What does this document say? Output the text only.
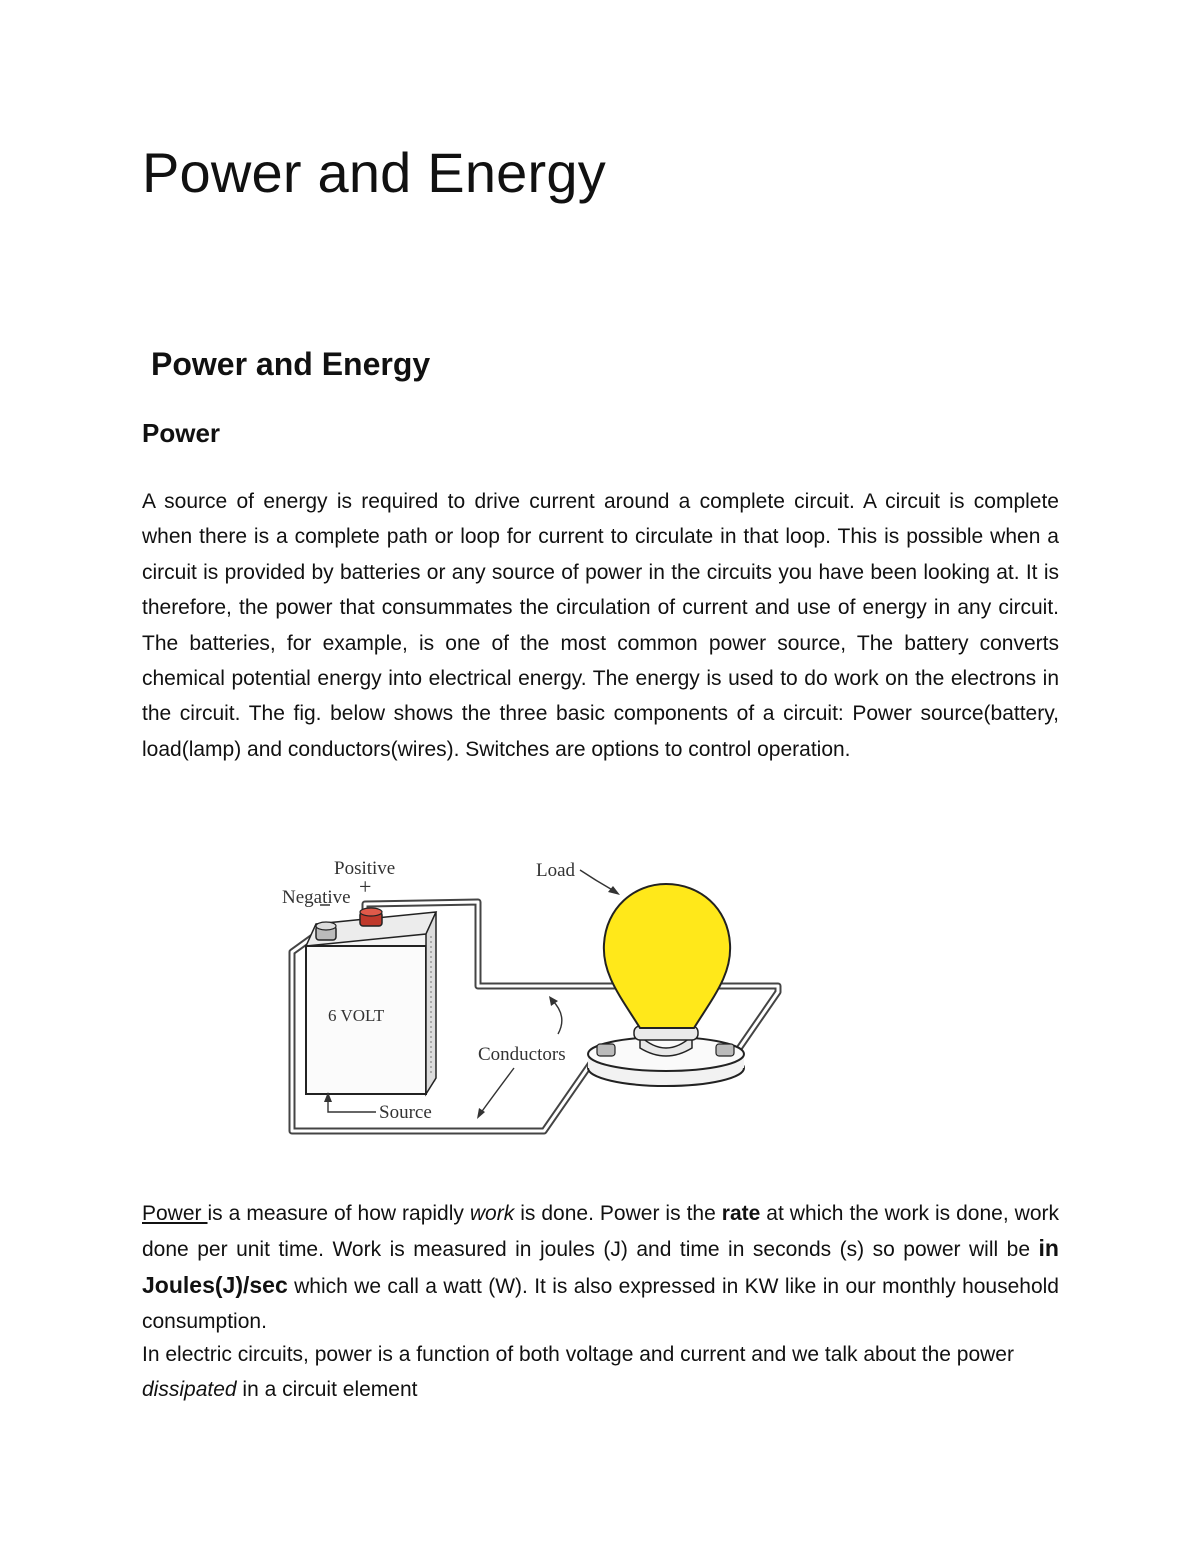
Power and Energy
Power and Energy
Power

A source of energy is required to drive current around a complete circuit. A circuit is complete when there is a complete path or loop for current to circulate in that loop. This is possible when a circuit is provided by batteries or any source of power in the circuits you have been looking at. It is therefore, the power that consummates the circulation of current and use of energy in any circuit. The batteries, for example, is one of the most common power source, The battery converts chemical potential energy into electrical energy. The energy is used to do work on the electrons in the circuit. The fig. below shows the three basic components of a circuit: Power source(battery, load(lamp) and conductors(wires). Switches are options to control operation.

Positive
+
Negative
6 VOLT
Load
Conductors
Source

Power is a measure of how rapidly work is done. Power is the rate at which the work is done, work done per unit time. Work is measured in joules (J) and time in seconds (s) so power will be in Joules(J)/sec which we call a watt (W). It is also expressed in KW like in our monthly household consumption.

In electric circuits, power is a function of both voltage and current and we talk about the power dissipated in a circuit element
